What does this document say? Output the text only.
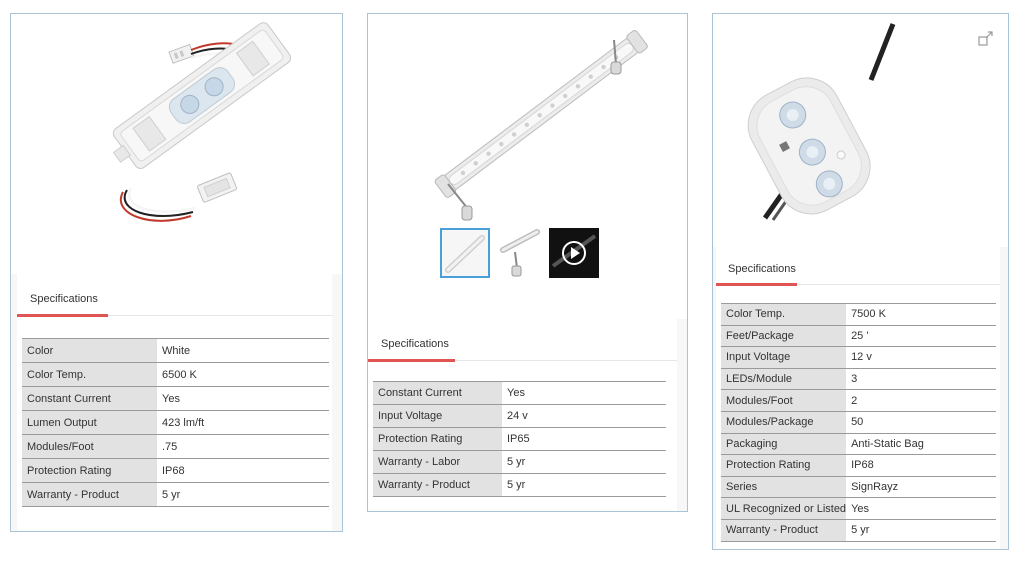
Specifications
Color	White
Color Temp.	6500 K
Constant Current	Yes
Lumen Output	423 lm/ft
Modules/Foot	.75
Protection Rating	IP68
Warranty - Product	5 yr
Specifications
Constant Current	Yes
Input Voltage	24 v
Protection Rating	IP65
Warranty - Labor	5 yr
Warranty - Product	5 yr
Specifications
Color Temp.	7500 K
Feet/Package	25 '
Input Voltage	12 v
LEDs/Module	3
Modules/Foot	2
Modules/Package	50
Packaging	Anti-Static Bag
Protection Rating	IP68
Series	SignRayz
UL Recognized or Listed	Yes
Warranty - Product	5 yr
